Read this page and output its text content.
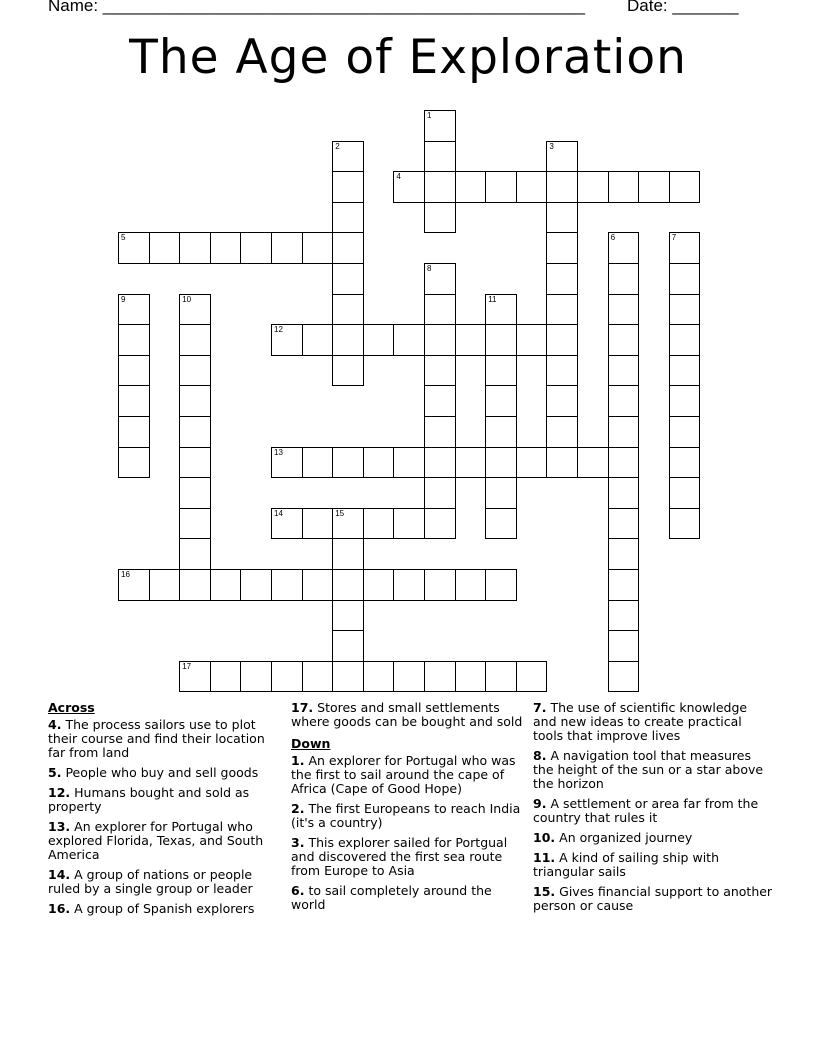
Name: ___________________________________________________ Date: _______
The Age of Exploration
1
2	3
4
5	6	7
8
9	10	11
12
13
14	15
16
17
Across
4. The process sailors use to plot their course and find their location far from land
5. People who buy and sell goods
12. Humans bought and sold as property
13. An explorer for Portugal who explored Florida, Texas, and South America
14. A group of nations or people ruled by a single group or leader
16. A group of Spanish explorers
17. Stores and small settlements where goods can be bought and sold
Down
1. An explorer for Portugal who was the first to sail around the cape of Africa (Cape of Good Hope)
2. The first Europeans to reach India (it's a country)
3. This explorer sailed for Portgual and discovered the first sea route from Europe to Asia
6. to sail completely around the world
7. The use of scientific knowledge and new ideas to create practical tools that improve lives
8. A navigation tool that measures the height of the sun or a star above the horizon
9. A settlement or area far from the country that rules it
10. An organized journey
11. A kind of sailing ship with triangular sails
15. Gives financial support to another person or cause
